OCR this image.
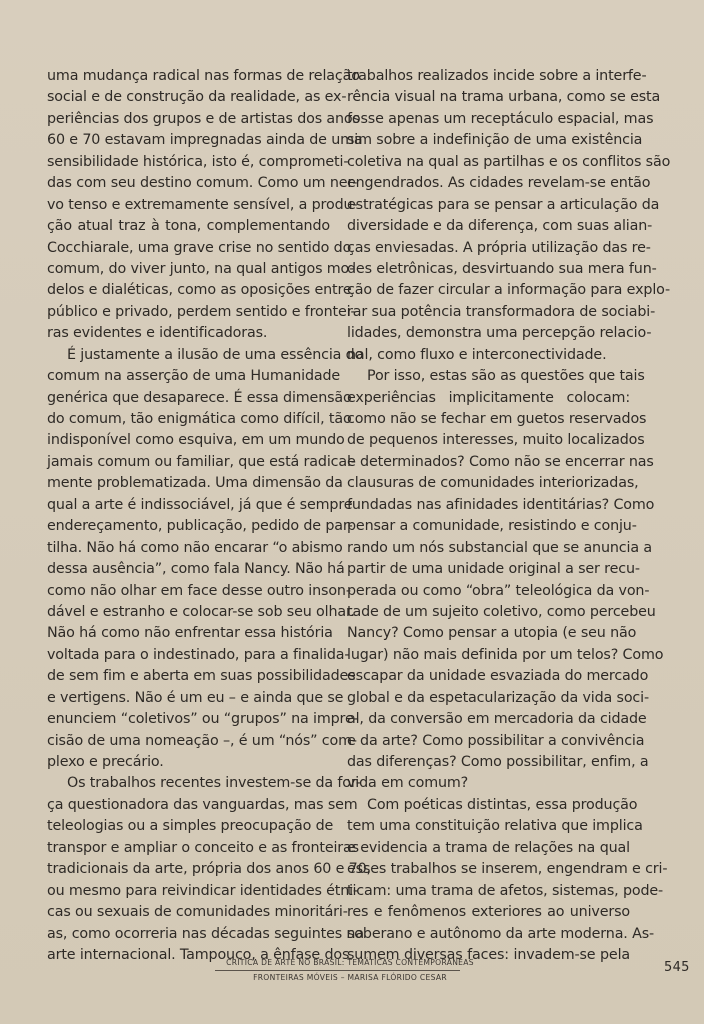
uma mudança radical nas formas de relação
social e de construção da realidade, as ex-
periências dos grupos e de artistas dos anos
60 e 70 estavam impregnadas ainda de uma
sensibilidade histórica, isto é, comprometi-
das com seu destino comum. Como um ner-
vo tenso e extremamente sensível, a produ-
ção atual traz à tona, complementando
Cocchiarale, uma grave crise no sentido do
comum, do viver junto, na qual antigos mo-
delos e dialéticas, como as oposições entre
público e privado, perdem sentido e frontei-
ras evidentes e identificadoras.
É justamente a ilusão de uma essência do
comum na asserção de uma Humanidade
genérica que desaparece. É essa dimensão
do comum, tão enigmática como difícil, tão
indisponível como esquiva, em um mundo
jamais comum ou familiar, que está radical-
mente problematizada. Uma dimensão da
qual a arte é indissociável, já que é sempre
endereçamento, publicação, pedido de par-
tilha. Não há como não encarar “o abismo
dessa ausência”, como fala Nancy. Não há
como não olhar em face desse outro inson-
dável e estranho e colocar-se sob seu olhar.
Não há como não enfrentar essa história
voltada para o indestinado, para a finalida-
de sem fim e aberta em suas possibilidades
e vertigens. Não é um eu – e ainda que se
enunciem “coletivos” ou “grupos” na impre-
cisão de uma nomeação –, é um “nós” com-
plexo e precário.
Os trabalhos recentes investem-se da for-
ça questionadora das vanguardas, mas sem
teleologias ou a simples preocupação de
transpor e ampliar o conceito e as fronteiras
tradicionais da arte, própria dos anos 60 e 70,
ou mesmo para reivindicar identidades étni-
cas ou sexuais de comunidades minoritári-
as, como ocorreria nas décadas seguintes na
arte internacional. Tampouco, a ênfase dos
trabalhos realizados incide sobre a interfe-
rência visual na trama urbana, como se esta
fosse apenas um receptáculo espacial, mas
sim sobre a indefinição de uma existência
coletiva na qual as partilhas e os conflitos são
engendrados. As cidades revelam-se então
estratégicas para se pensar a articulação da
diversidade e da diferença, com suas alian-
ças enviesadas. A própria utilização das re-
des eletrônicas, desvirtuando sua mera fun-
ção de fazer circular a informação para explo-
rar sua potência transformadora de sociabi-
lidades, demonstra uma percepção relacio-
nal, como fluxo e interconectividade.
Por isso, estas são as questões que tais
experiências implicitamente colocam:
como não se fechar em guetos reservados
de pequenos interesses, muito localizados
e determinados? Como não se encerrar nas
clausuras de comunidades interiorizadas,
fundadas nas afinidades identitárias? Como
pensar a comunidade, resistindo e conju-
rando um nós substancial que se anuncia a
partir de uma unidade original a ser recu-
perada ou como “obra” teleológica da von-
tade de um sujeito coletivo, como percebeu
Nancy? Como pensar a utopia (e seu não
lugar) não mais definida por um telos? Como
escapar da unidade esvaziada do mercado
global e da espetacularização da vida soci-
al, da conversão em mercadoria da cidade
e da arte? Como possibilitar a convivência
das diferenças? Como possibilitar, enfim, a
vida em comum?
Com poéticas distintas, essa produção
tem uma constituição relativa que implica
e evidencia a trama de relações na qual
esses trabalhos se inserem, engendram e cri-
ticam: uma trama de afetos, sistemas, pode-
res e fenômenos exteriores ao universo
soberano e autônomo da arte moderna. As-
sumem diversas faces: invadem-se pela
CRÍTICA DE ARTE NO BRASIL: TEMÁTICAS CONTEMPORÂNEAS
FRONTEIRAS MÓVEIS – MARISA FLÓRIDO CESAR
545
